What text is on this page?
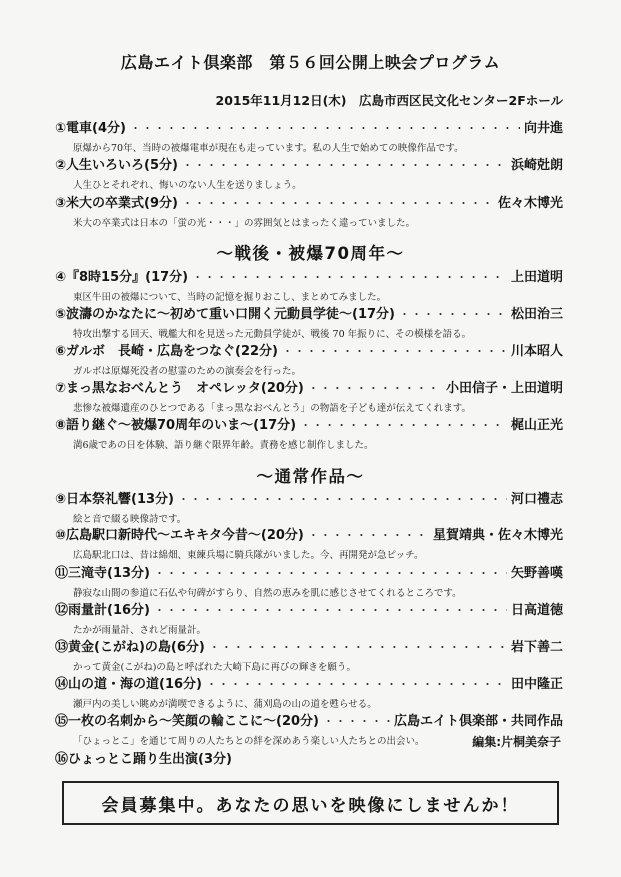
広島エイト倶楽部　第５６回公開上映会プログラム
2015年11月12日(木)　広島市西区民文化センター2Fホール
① 電車(4分) ・・・・・・・・・・・・・・・・・・・・・・・・・・・・・・・・・・・・・・・・・・・・・・・・	向井進
原爆から70年、当時の被爆電車が現在も走っています。私の人生で始めての映像作品です。
② 人生いろいろ(5分) ・・・・・・・・・・・・・・・・・・・・・・・・・・・・・・・・・・・・・・・・・・・・・・・・	浜崎兙朗
人生ひとそれぞれ、悔いのない人生を送りましょう。
③ 米大の卒業式(9分) ・・・・・・・・・・・・・・・・・・・・・・・・・・・・・・・・・・・・・・・・・・・・・・・・	佐々木博光
米大の卒業式は日本の「蛍の光・・・」の雰囲気とはまったく違っていました。
～戦後・被爆70周年～
④ 『8時15分』(17分) ・・・・・・・・・・・・・・・・・・・・・・・・・・・・・・・・・・・・・・・・・・・・・・・・	上田道明
東区牛田の被爆について、当時の記憶を掘りおこし、まとめてみました。
⑤ 波濤のかなたに～初めて重い口開く元動員学徒～(17分) ・・・・・・・・・・・・・・・・・・・・・・・・・・・・・・・・・・・・・・・・・・・・・・・・	松田治三
特攻出撃する回天、戦艦大和を見送った元動員学徒が、戦後 70 年振りに、その模様を語る。
⑥ ガルボ　長崎・広島をつなぐ(22分) ・・・・・・・・・・・・・・・・・・・・・・・・・・・・・・・・・・・・・・・・・・・・・・・・	川本昭人
ガルボは原爆死没者の慰霊のための演奏会を行った。
⑦ まっ黒なおべんとう　オペレッタ(20分) ・・・・・・・・・・・・・・・・・・・・・・・・・・・・・・・・・・・・・・・・・・・・・・・・	小田信子・上田道明
悲惨な被爆遺産のひとつである「まっ黒なおべんとう」の物語を子ども達が伝えてくれます。
⑧ 語り継ぐ～被爆70周年のいま～(17分) ・・・・・・・・・・・・・・・・・・・・・・・・・・・・・・・・・・・・・・・・・・・・・・・・	梶山正光
満6歳であの日を体験、語り継ぐ限界年齢。責務を感じ制作しました。
～通常作品～
⑨ 日本祭礼響(13分) ・・・・・・・・・・・・・・・・・・・・・・・・・・・・・・・・・・・・・・・・・・・・・・・・	河口禮志
絵と音で綴る映像詩です。
⑩ 広島駅口新時代～エキキタ今昔～(20分) ・・・・・・・・・・・・・・・・・・・・・・・・・・・・・・・・・・・・・・・・・・・・・・・・	星賀靖典・佐々木博光
広島駅北口は、昔は綿畑、東練兵場に騎兵隊がいました。今、再開発が急ピッチ。
⑪ 三滝寺(13分) ・・・・・・・・・・・・・・・・・・・・・・・・・・・・・・・・・・・・・・・・・・・・・・・・	矢野善嘆
静寂な山間の参道に石仏や句碑がすらり、自然の恵みを肌に感じさせてくれるところです。
⑫ 雨量計(16分) ・・・・・・・・・・・・・・・・・・・・・・・・・・・・・・・・・・・・・・・・・・・・・・・・	日高道徳
たかが雨量計、されど雨量計。
⑬ 黄金(こがね)の島(6分) ・・・・・・・・・・・・・・・・・・・・・・・・・・・・・・・・・・・・・・・・・・・・・・・・	岩下善二
かって黄金(こがね)の島と呼ばれた大崎下島に再びの輝きを願う。
⑭ 山の道・海の道(16分) ・・・・・・・・・・・・・・・・・・・・・・・・・・・・・・・・・・・・・・・・・・・・・・・・	田中隆正
瀬戸内の美しい眺めが満喫できるように、蒲刈島の山の道を甦らせる。
⑮ 一枚の名刺から～笑顔の輪ここに～(20分) ・・・・・・・・・・・・・・・・・・・・・・・・・・・・・・・・・・・・・・・・・・・・・・・・	広島エイト倶楽部・共同作品
「ひょっとこ」を通じて周りの人たちとの絆を深めあう楽しい人たちとの出会い。	編集:片桐美奈子
⑯ ひょっとこ踊り生出演(3分)
会員募集中。あなたの思いを映像にしませんか！
